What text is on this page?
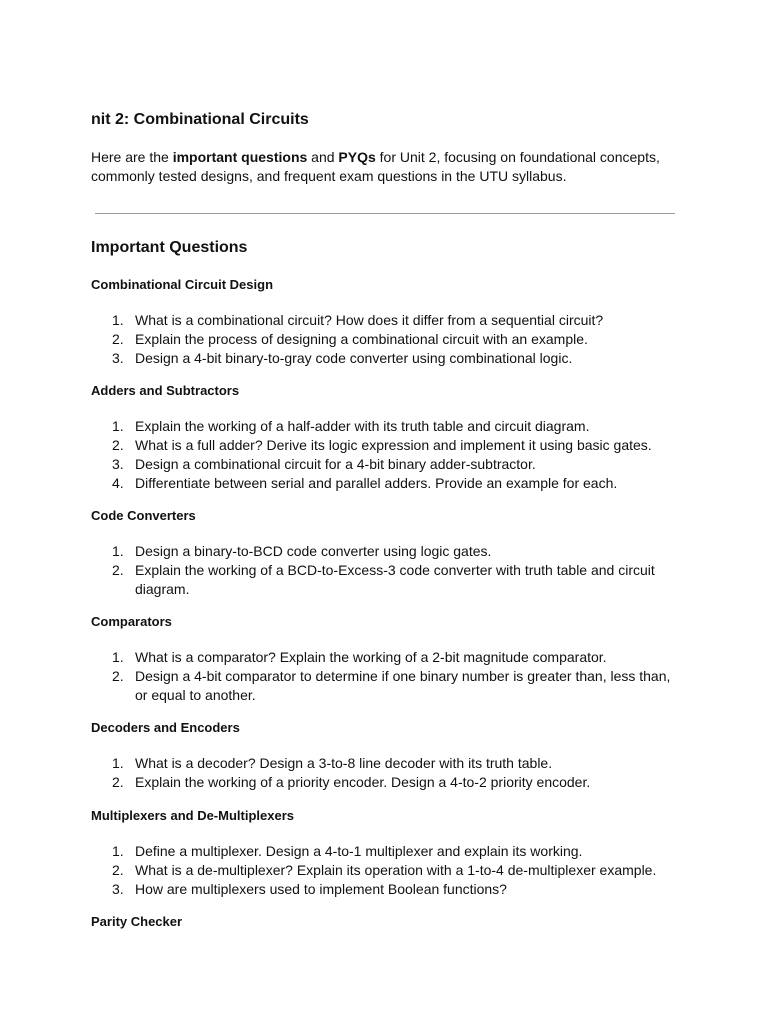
nit 2: Combinational Circuits

Here are the important questions and PYQs for Unit 2, focusing on foundational concepts, commonly tested designs, and frequent exam questions in the UTU syllabus.

Important Questions
Combinational Circuit Design
1. What is a combinational circuit? How does it differ from a sequential circuit?
2. Explain the process of designing a combinational circuit with an example.
3. Design a 4-bit binary-to-gray code converter using combinational logic.
Adders and Subtractors
1. Explain the working of a half-adder with its truth table and circuit diagram.
2. What is a full adder? Derive its logic expression and implement it using basic gates.
3. Design a combinational circuit for a 4-bit binary adder-subtractor.
4. Differentiate between serial and parallel adders. Provide an example for each.
Code Converters
1. Design a binary-to-BCD code converter using logic gates.
2. Explain the working of a BCD-to-Excess-3 code converter with truth table and circuit diagram.
Comparators
1. What is a comparator? Explain the working of a 2-bit magnitude comparator.
2. Design a 4-bit comparator to determine if one binary number is greater than, less than, or equal to another.
Decoders and Encoders
1. What is a decoder? Design a 3-to-8 line decoder with its truth table.
2. Explain the working of a priority encoder. Design a 4-to-2 priority encoder.
Multiplexers and De-Multiplexers
1. Define a multiplexer. Design a 4-to-1 multiplexer and explain its working.
2. What is a de-multiplexer? Explain its operation with a 1-to-4 de-multiplexer example.
3. How are multiplexers used to implement Boolean functions?
Parity Checker
